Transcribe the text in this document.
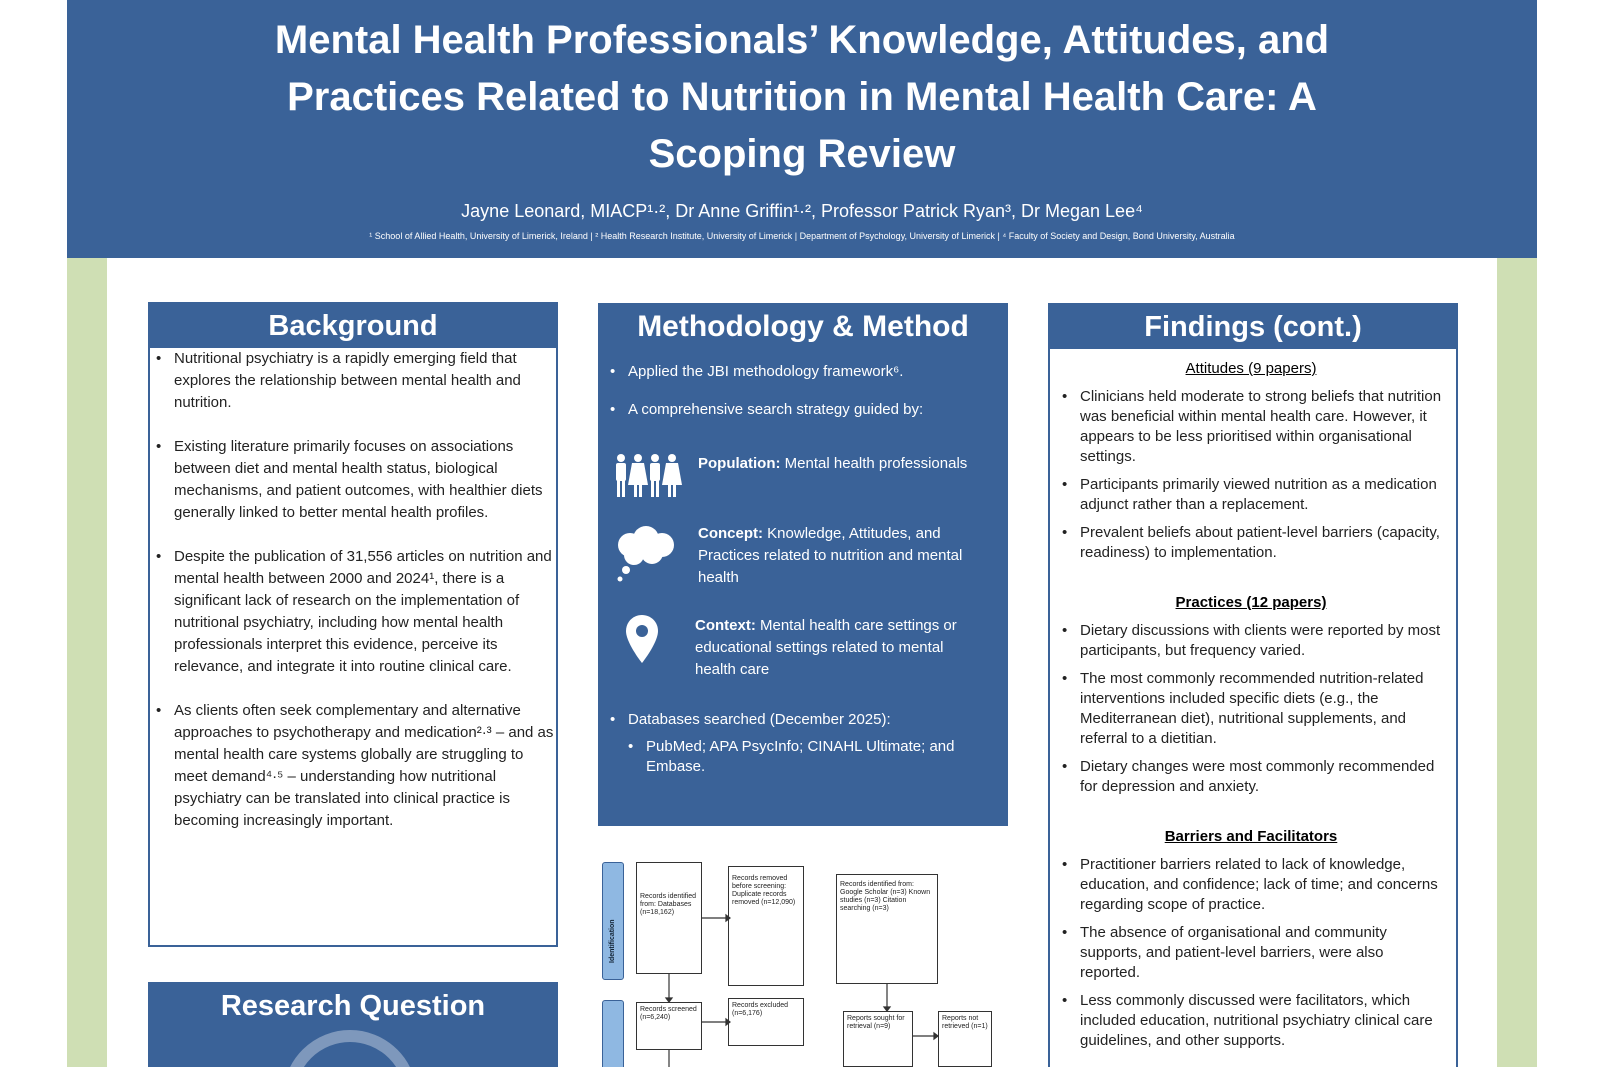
Mental Health Professionals’ Knowledge, Attitudes, and Practices Related to Nutrition in Mental Health Care: A Scoping Review
Jayne Leonard, MIACP¹·², Dr Anne Griffin¹·², Professor Patrick Ryan³, Dr Megan Lee⁴
¹ School of Allied Health, University of Limerick, Ireland | ² Health Research Institute, University of Limerick | Department of Psychology, University of Limerick | ⁴ Faculty of Society and Design, Bond University, Australia
Background
• Nutritional psychiatry is a rapidly emerging field that explores the relationship between mental health and nutrition.
• Existing literature primarily focuses on associations between diet and mental health status, biological mechanisms, and patient outcomes, with healthier diets generally linked to better mental health profiles.
• Despite the publication of 31,556 articles on nutrition and mental health between 2000 and 2024¹, there is a significant lack of research on the implementation of nutritional psychiatry, including how mental health professionals interpret this evidence, perceive its relevance, and integrate it into routine clinical care.
• As clients often seek complementary and alternative approaches to psychotherapy and medication²·³ – and as mental health care systems globally are struggling to meet demand⁴·⁵ – understanding how nutritional psychiatry can be translated into clinical practice is becoming increasingly important.
Research Question
Methodology & Method
• Applied the JBI methodology framework⁶.
• A comprehensive search strategy guided by:
Population: Mental health professionals
Concept: Knowledge, Attitudes, and Practices related to nutrition and mental health
Context: Mental health care settings or educational settings related to mental health care
• Databases searched (December 2025):
• PubMed; APA PsycInfo; CINAHL Ultimate; and Embase.
Identification
Records identified from: Databases (n=18,162)
Records removed before screening: Duplicate records removed (n=12,090)
Records identified from: Google Scholar (n=3) Known studies (n=3) Citation searching (n=3)
Records screened (n=6,240)
Records excluded (n=6,176)
Reports sought for retrieval (n=9)
Reports not retrieved (n=1)
Findings (cont.)
Attitudes (9 papers)
• Clinicians held moderate to strong beliefs that nutrition was beneficial within mental health care. However, it appears to be less prioritised within organisational settings.
• Participants primarily viewed nutrition as a medication adjunct rather than a replacement.
• Prevalent beliefs about patient-level barriers (capacity, readiness) to implementation.
Practices (12 papers)
• Dietary discussions with clients were reported by most participants, but frequency varied.
• The most commonly recommended nutrition-related interventions included specific diets (e.g., the Mediterranean diet), nutritional supplements, and referral to a dietitian.
• Dietary changes were most commonly recommended for depression and anxiety.
Barriers and Facilitators
• Practitioner barriers related to lack of knowledge, education, and confidence; lack of time; and concerns regarding scope of practice.
• The absence of organisational and community supports, and patient-level barriers, were also reported.
• Less commonly discussed were facilitators, which included education, nutritional psychiatry clinical care guidelines, and other supports.
